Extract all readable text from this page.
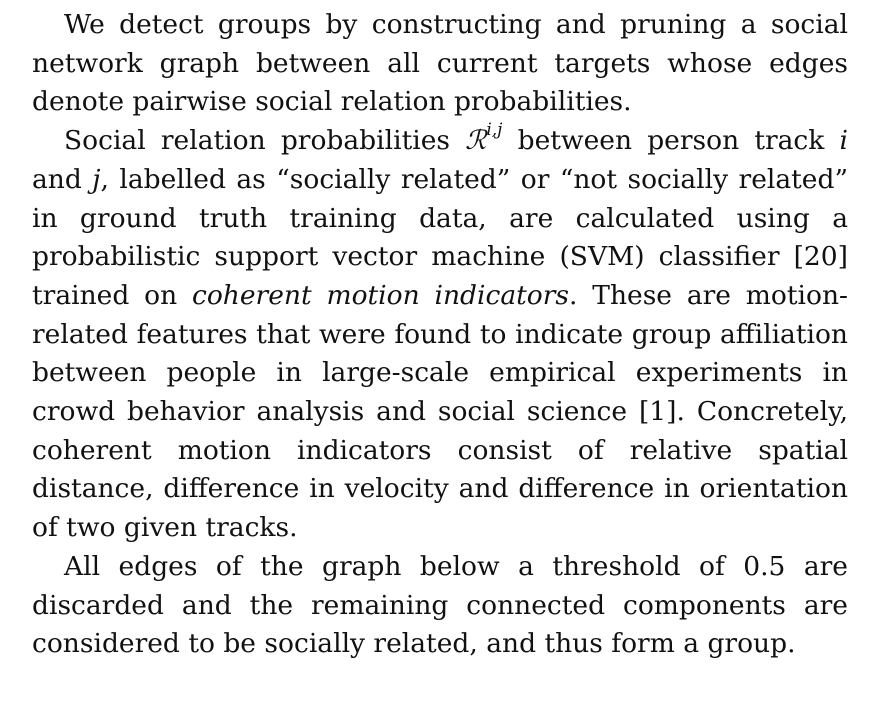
We detect groups by constructing and pruning a social network graph between all current targets whose edges denote pairwise social relation probabilities.

Social relation probabilities ℛ$^{i,j}$ between person track i and j, labelled as “socially related” or “not socially related” in ground truth training data, are calculated using a probabilistic support vector machine (SVM) classifier [20] trained on coherent motion indicators. These are motion-related features that were found to indicate group affiliation between people in large-scale empirical experiments in crowd behavior analysis and social science [1]. Concretely, coherent motion indicators consist of relative spatial distance, difference in velocity and difference in orientation of two given tracks.

All edges of the graph below a threshold of 0.5 are discarded and the remaining connected components are considered to be socially related, and thus form a group.
